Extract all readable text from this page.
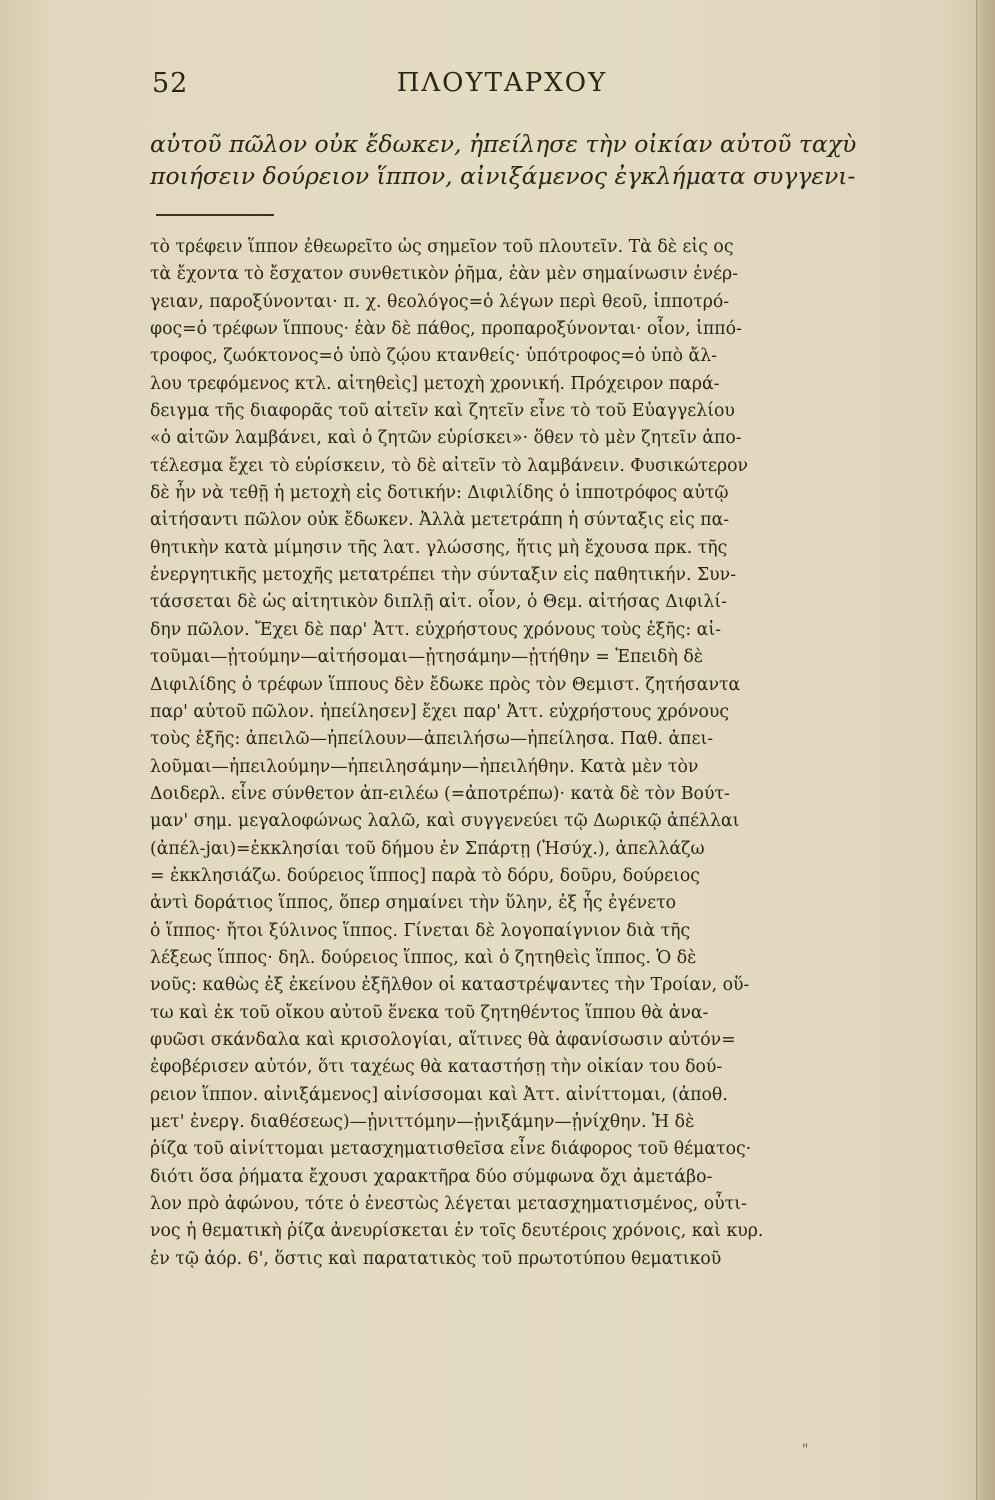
52	ΠΛΟΥΤΑΡΧΟΥ

αὐτοῦ πῶλον οὐκ ἔδωκεν, ἠπείλησε τὴν οἰκίαν αὐτοῦ ταχὺ

ποιήσειν δούρειον ἵππον, αἰνιξάμενος ἐγκλήματα συγγενι-

τὸ τρέφειν ἵππον ἐθεωρεῖτο ὡς σημεῖον τοῦ πλουτεῖν. Τὰ δὲ εἰς ος

τὰ ἔχοντα τὸ ἔσχατον συνθετικὸν ῥῆμα, ἐὰν μὲν σημαίνωσιν ἐνέρ-

γειαν, παροξύνονται· π. χ. θεολόγος=ὁ λέγων περὶ θεοῦ, ἱπποτρό-

φος=ὁ τρέφων ἵππους· ἐὰν δὲ πάθος, προπαροξύνονται· οἷον, ἱππό-

τροφος, ζωόκτονος=ὁ ὑπὸ ζῴου κτανθείς· ὑπότροφος=ὁ ὑπὸ ἄλ-

λου τρεφόμενος κτλ. αἰτηθεὶς] μετοχὴ χρονική. Πρόχειρον παρά-

δειγμα τῆς διαφορᾶς τοῦ αἰτεῖν καὶ ζητεῖν εἶνε τὸ τοῦ Εὐαγγελίου

«ὁ αἰτῶν λαμβάνει, καὶ ὁ ζητῶν εὑρίσκει»· ὅθεν τὸ μὲν ζητεῖν ἀπο-

τέλεσμα ἔχει τὸ εὑρίσκειν, τὸ δὲ αἰτεῖν τὸ λαμβάνειν. Φυσικώτερον

δὲ ἦν νὰ τεθῇ ἡ μετοχὴ εἰς δοτικήν: Διφιλίδης ὁ ἱπποτρόφος αὐτῷ

αἰτήσαντι πῶλον οὐκ ἔδωκεν. Ἀλλὰ μετετράπη ἡ σύνταξις εἰς πα-

θητικὴν κατὰ μίμησιν τῆς λατ. γλώσσης, ἥτις μὴ ἔχουσα πρκ. τῆς

ἐνεργητικῆς μετοχῆς μετατρέπει τὴν σύνταξιν εἰς παθητικήν. Συν-

τάσσεται δὲ ὡς αἰτητικὸν διπλῇ αἰτ. οἷον, ὁ Θεμ. αἰτήσας Διφιλί-

δην πῶλον. Ἔχει δὲ παρ' Ἀττ. εὐχρήστους χρόνους τοὺς ἑξῆς: αἰ-

τοῦμαι—ᾐτούμην—αἰτήσομαι—ᾐτησάμην—ᾐτήθην = Ἐπειδὴ δὲ

Διφιλίδης ὁ τρέφων ἵππους δὲν ἔδωκε πρὸς τὸν Θεμιστ. ζητήσαντα

παρ' αὐτοῦ πῶλον. ἠπείλησεν] ἔχει παρ' Ἀττ. εὐχρήστους χρόνους

τοὺς ἑξῆς: ἀπειλῶ—ἠπείλουν—ἀπειλήσω—ἠπείλησα. Παθ. ἀπει-

λοῦμαι—ἠπειλούμην—ἠπειλησάμην—ἠπειλήθην. Κατὰ μὲν τὸν

Δοιδερλ. εἶνε σύνθετον ἀπ-ειλέω (=ἀποτρέπω)· κατὰ δὲ τὸν Βούτ-

μαν' σημ. μεγαλοφώνως λαλῶ, καὶ συγγενεύει τῷ Δωρικῷ ἀπέλλαι

(ἀπέλ-jαι)=ἐκκλησίαι τοῦ δήμου ἐν Σπάρτῃ (Ἡσύχ.), ἀπελλάζω

= ἐκκλησιάζω. δούρειος ἵππος] παρὰ τὸ δόρυ, δοῦρυ, δούρειος

ἀντὶ δοράτιος ἵππος, ὅπερ σημαίνει τὴν ὕλην, ἐξ ἧς ἐγένετο

ὁ ἵππος· ἤτοι ξύλινος ἵππος. Γίνεται δὲ λογοπαίγνιον διὰ τῆς

λέξεως ἵππος· δηλ. δούρειος ἵππος, καὶ ὁ ζητηθεὶς ἵππος. Ὁ δὲ

νοῦς: καθὼς ἐξ ἐκείνου ἐξῆλθον οἱ καταστρέψαντες τὴν Τροίαν, οὕ-

τω καὶ ἐκ τοῦ οἴκου αὐτοῦ ἕνεκα τοῦ ζητηθέντος ἵππου θὰ ἀνα-

φυῶσι σκάνδαλα καὶ κρισολογίαι, αἵτινες θὰ ἀφανίσωσιν αὐτόν=

ἐφοβέρισεν αὐτόν, ὅτι ταχέως θὰ καταστήσῃ τὴν οἰκίαν του δού-

ρειον ἵππον. αἰνιξάμενος] αἰνίσσομαι καὶ Ἀττ. αἰνίττομαι, (ἀποθ.

μετ' ἐνεργ. διαθέσεως)—ᾐνιττόμην—ᾐνιξάμην—ᾐνίχθην. Ἡ δὲ

ῥίζα τοῦ αἰνίττομαι μετασχηματισθεῖσα εἶνε διάφορος τοῦ θέματος·

διότι ὅσα ῥήματα ἔχουσι χαρακτῆρα δύο σύμφωνα ὄχι ἀμετάβο-

λον πρὸ ἀφώνου, τότε ὁ ἐνεστὼς λέγεται μετασχηματισμένος, οὗτι-

νος ἡ θεματικὴ ῥίζα ἀνευρίσκεται ἐν τοῖς δευτέροις χρόνοις, καὶ κυρ.

ἐν τῷ ἀόρ. 6', ὅστις καὶ παρατατικὸς τοῦ πρωτοτύπου θεματικοῦ

"
